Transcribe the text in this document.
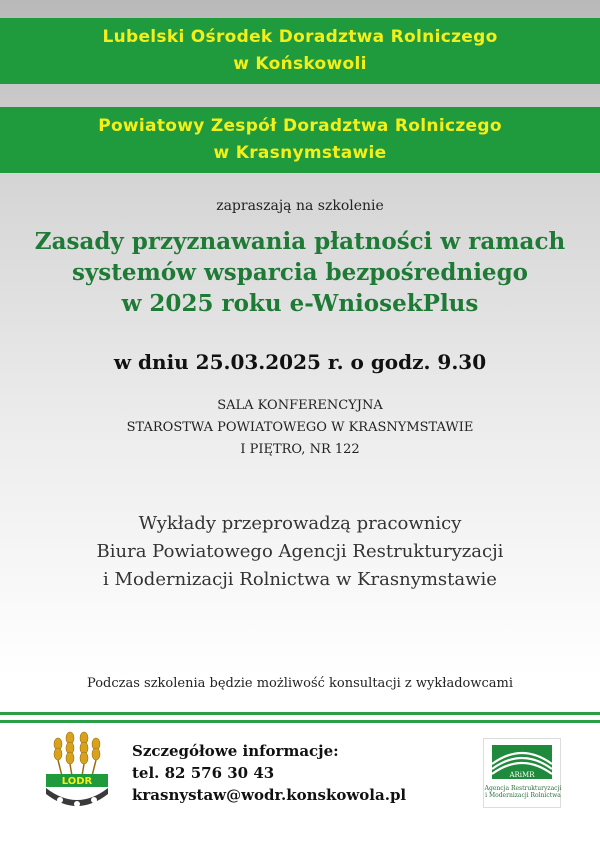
Lubelski Ośrodek Doradztwa Rolniczego
w Końskowoli
Powiatowy Zespół Doradztwa Rolniczego
w Krasnymstawie
zapraszają na szkolenie
Zasady przyznawania płatności w ramach
systemów wsparcia bezpośredniego
w 2025 roku e-WniosekPlus
w dniu 25.03.2025 r. o godz. 9.30
SALA KONFERENCYJNA
STAROSTWA POWIATOWEGO W KRASNYMSTAWIE
I PIĘTRO, NR 122
Wykłady przeprowadzą pracownicy
Biura Powiatowego Agencji Restrukturyzacji
i Modernizacji Rolnictwa w Krasnymstawie
Podczas szkolenia będzie możliwość konsultacji z wykładowcami
LODR
Szczegółowe informacje:
tel. 82 576 30 43
krasnystaw@wodr.konskowola.pl
ARiMR
Agencja Restrukturyzacji
i Modernizacji Rolnictwa
